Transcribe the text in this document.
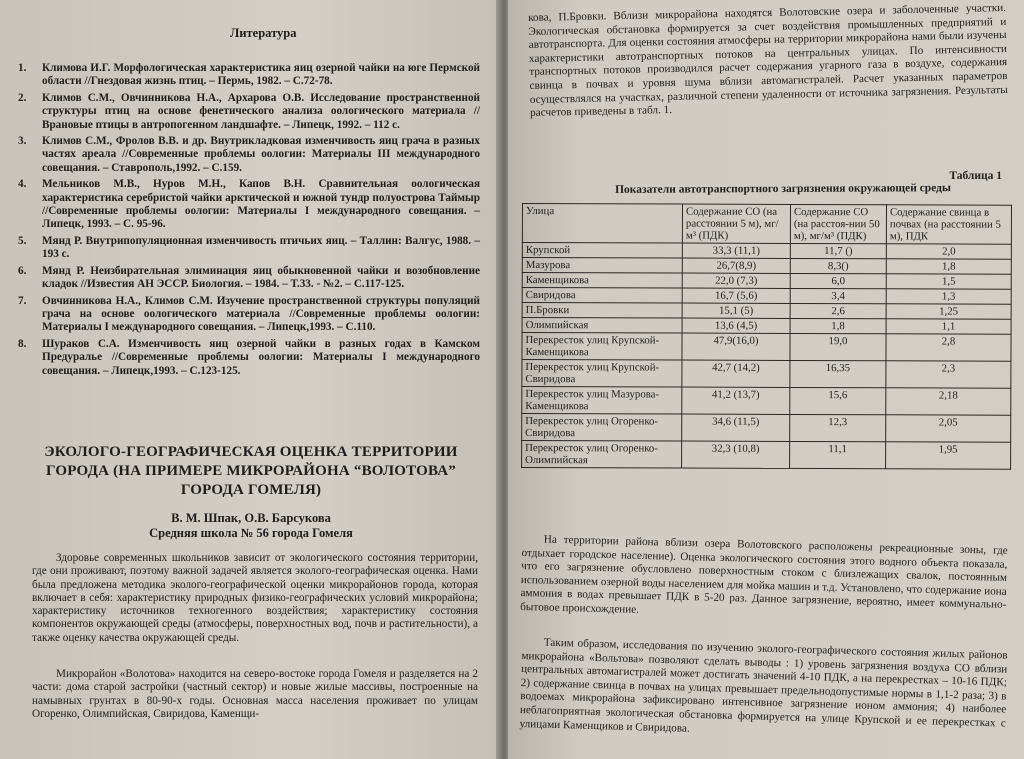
Литература
1.	Климова И.Г. Морфологическая характеристика яиц озерной чайки на юге Пермской области //Гнездовая жизнь птиц. – Пермь, 1982. – С.72-78.
2.	Климов С.М., Овчинникова Н.А., Архарова О.В. Исследование пространственной структуры птиц на основе фенетического анализа оологического материала //Врановые птицы в антропогенном ландшафте. – Липецк, 1992. – 112 с.
3.	Климов С.М., Фролов В.В. и др. Внутрикладковая изменчивость яиц грача в разных частях ареала //Современные проблемы оологии: Материалы III международного совещания. – Ставрополь,1992. – С.159.
4.	Мельников М.В., Нуров М.Н., Капов В.Н. Сравнительная оологическая характеристика серебристой чайки арктической и южной тундр полуострова Таймыр //Современные проблемы оологии: Материалы I международного совещания. – Липецк, 1993. – С. 95-96.
5.	Мянд Р. Внутрипопуляционная изменчивость птичьих яиц. – Таллин: Валгус, 1988. – 193 с.
6.	Мянд Р. Неизбирательная элиминация яиц обыкновенной чайки и возобновление кладок //Известия АН ЭССР. Биология. – 1984. – Т.33. - №2. – С.117-125.
7.	Овчинникова Н.А., Климов С.М. Изучение пространственной структуры популяций грача на основе оологического материала //Современные проблемы оологии: Материалы I международного совещания. – Липецк,1993. – С.110.
8.	Шураков С.А. Изменчивость яиц озерной чайки в разных годах в Камском Предуралье //Современные проблемы оологии: Материалы I международного совещания. – Липецк,1993. – С.123-125.
ЭКОЛОГО-ГЕОГРАФИЧЕСКАЯ ОЦЕНКА ТЕРРИТОРИИ
ГОРОДА (НА ПРИМЕРЕ МИКРОРАЙОНА “ВОЛОТОВА”
ГОРОДА ГОМЕЛЯ)
В. М. Шпак, О.В. Барсукова
Средняя школа № 56 города Гомеля

Здоровье современных школьников зависит от экологического состояния территории, где они проживают, поэтому важной задачей является эколого-географическая оценка. Нами была предложена методика эколого-географической оценки микрорайонов города, которая включает в себя: характеристику природных физико-географических условий микрорайона; характеристику источников техногенного воздействия; характеристику состояния компонентов окружающей среды (атмосферы, поверхностных вод, почв и растительности), а также оценку качества окружающей среды.

Микрорайон «Волотова» находится на северо-востоке города Гомеля и разделяется на 2 части: дома старой застройки (частный сектор) и новые жилые массивы, построенные на намывных грунтах в 80-90-х годы. Основная масса населения проживает по улицам Огоренко, Олимпийская, Свиридова, Каменщи-

кова, П.Бровки. Вблизи микрорайона находятся Волотовские озера и заболоченные участки. Экологическая обстановка формируется за счет воздействия промышленных предприятий и автотранспорта. Для оценки состояния атмосферы на территории микрорайона нами были изучены характеристики автотранспортных потоков на центральных улицах. По интенсивности транспортных потоков производился расчет содержания угарного газа в воздухе, содержания свинца в почвах и уровня шума вблизи автомагистралей. Расчет указанных параметров осуществлялся на участках, различной степени удаленности от источника загрязнения. Результаты расчетов приведены в табл. 1.

Таблица 1
Показатели автотранспортного загрязнения окружающей среды
Улица	Содержание СО (на расстоянии 5 м), мг/м³ (ПДК)	Содержание СО (на расстоя-нии 50 м), мг/м³ (ПДК)	Содержание свинца в почвах (на расстоянии 5 м), ПДК
Крупской	33,3 (11,1)	11,7 ()	2,0
Мазурова	26,7(8,9)	8,3()	1,8
Каменщикова	22,0 (7,3)	6,0	1,5
Свиридова	16,7 (5,6)	3,4	1,3
П.Бровки	15,1 (5)	2,6	1,25
Олимпийская	13,6 (4,5)	1,8	1,1
Перекресток улиц Крупской-Каменщикова	47,9(16,0)	19,0	2,8
Перекресток улиц Крупской-Свиридова	42,7 (14,2)	16,35	2,3
Перекресток улиц Мазурова-Каменщикова	41,2 (13,7)	15,6	2,18
Перекресток улиц Огоренко-Свиридова	34,6 (11,5)	12,3	2,05
Перекресток улиц Огоренко-Олимпийская	32,3 (10,8)	11,1	1,95

На территории района вблизи озера Волотовского расположены рекреационные зоны, где отдыхает городское население). Оценка экологического состояния этого водного объекта показала, что его загрязнение обусловлено поверхностным стоком с близлежащих свалок, постоянным использованием озерной воды населением для мойка машин и т.д. Установлено, что содержание иона аммония в водах превышает ПДК в 5-20 раз. Данное загрязнение, вероятно, имеет коммунально-бытовое происхождение.

Таким образом, исследования по изучению эколого-географического состояния жилых районов микрорайона «Вольтова» позволяют сделать выводы : 1) уровень загрязнения воздуха СО вблизи центральных автомагистралей может достигать значений 4-10 ПДК, а на перекрестках – 10-16 ПДК; 2) содержание свинца в почвах на улицах превышает предельнодопустимые нормы в 1,1-2 раза; 3) в водоемах микрорайона зафиксировано интенсивное загрязнение ионом аммония; 4) наиболее неблагоприятная экологическая обстановка формируется на улице Крупской и ее перекрестках с улицами Каменщиков и Свиридова.
